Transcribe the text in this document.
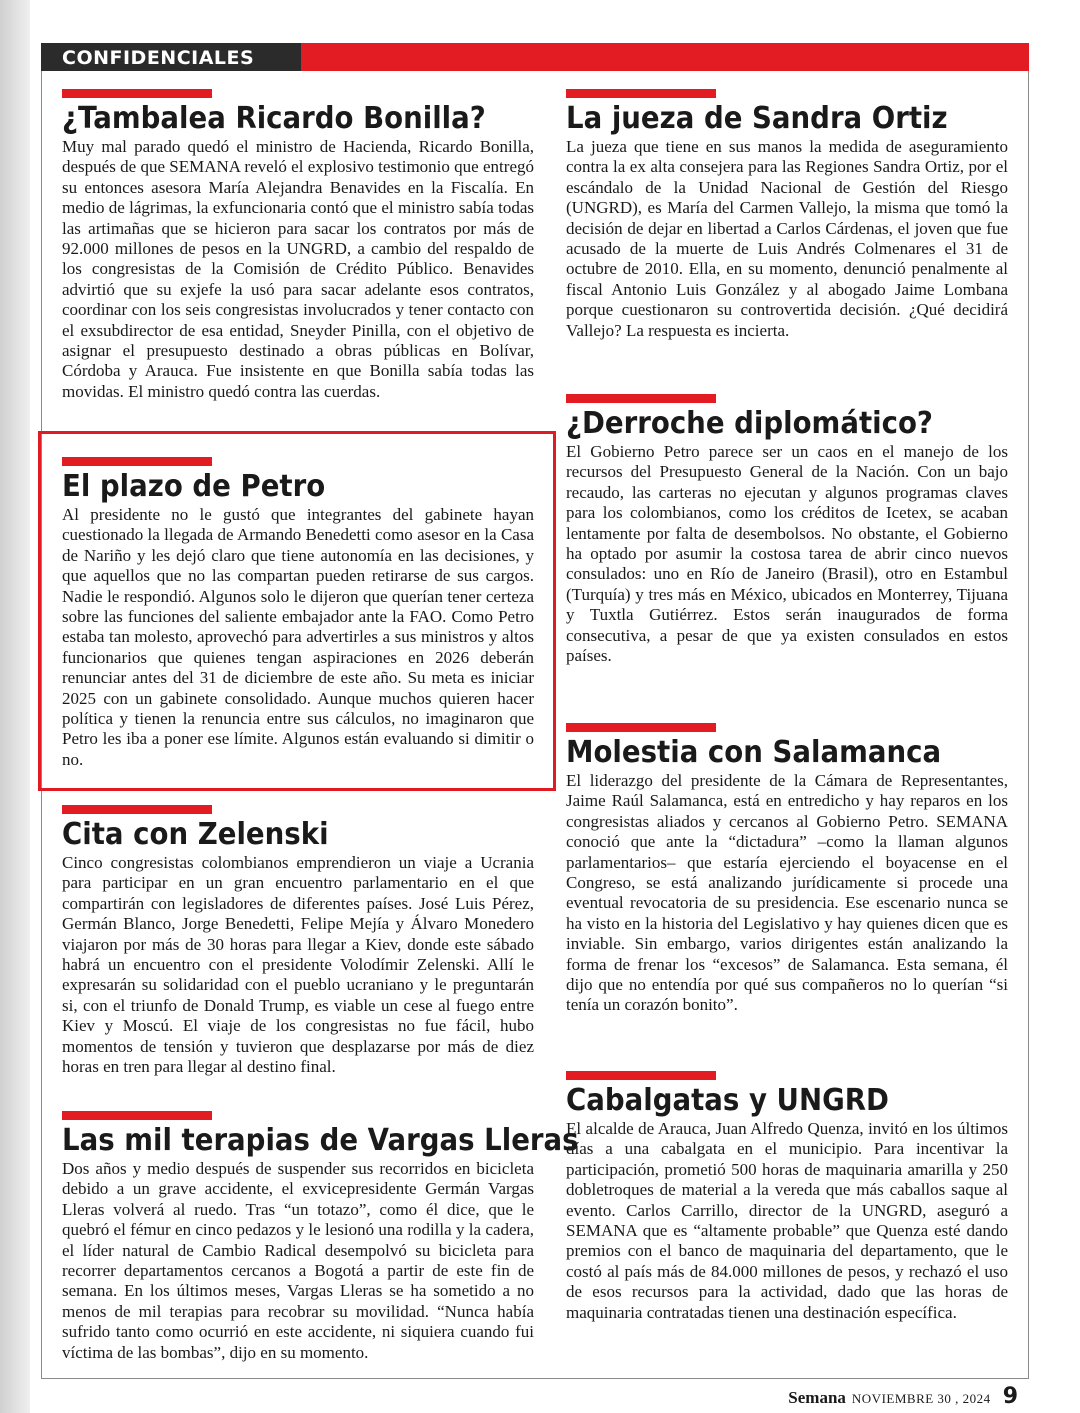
CONFIDENCIALES
¿Tambalea Ricardo Bonilla?

Muy mal parado quedó el ministro de Hacienda, Ricardo Bonilla, después de que SEMANA reveló el explosivo testimonio que entregó su entonces asesora María Alejandra Benavides en la Fiscalía. En medio de lágrimas, la exfuncionaria contó que el ministro sabía todas las artimañas que se hicieron para sacar los contratos por más de 92.000 millones de pesos en la UNGRD, a cambio del respaldo de los congresistas de la Comisión de Crédito Público. Benavides advirtió que su exjefe la usó para sacar adelante esos contratos, coordinar con los seis congresistas involucrados y tener contacto con el exsubdirector de esa entidad, Sneyder Pinilla, con el objetivo de asignar el presupuesto destinado a obras públicas en Bolívar, Córdoba y Arauca. Fue insistente en que Bonilla sabía todas las movidas. El ministro quedó contra las cuerdas.

El plazo de Petro

Al presidente no le gustó que integrantes del gabinete hayan cuestionado la llegada de Armando Benedetti como asesor en la Casa de Nariño y les dejó claro que tiene autonomía en las decisiones, y que aquellos que no las compartan pueden retirarse de sus cargos. Nadie le respondió. Algunos solo le dijeron que querían tener certeza sobre las funciones del saliente embajador ante la FAO. Como Petro estaba tan molesto, aprovechó para advertirles a sus ministros y altos funcionarios que quienes tengan aspiraciones en 2026 deberán renunciar antes del 31 de diciembre de este año. Su meta es iniciar 2025 con un gabinete consolidado. Aunque muchos quieren hacer política y tienen la renuncia entre sus cálculos, no imaginaron que Petro les iba a poner ese límite. Algunos están evaluando si dimitir o no.

Cita con Zelenski

Cinco congresistas colombianos emprendieron un viaje a Ucrania para participar en un gran encuentro parlamentario en el que compartirán con legisladores de diferentes países. José Luis Pérez, Germán Blanco, Jorge Benedetti, Felipe Mejía y Álvaro Monedero viajaron por más de 30 horas para llegar a Kiev, donde este sábado habrá un encuentro con el presidente Volodímir Zelenski. Allí le expresarán su solidaridad con el pueblo ucraniano y le preguntarán si, con el triunfo de Donald Trump, es viable un cese al fuego entre Kiev y Moscú. El viaje de los congresistas no fue fácil, hubo momentos de tensión y tuvieron que desplazarse por más de diez horas en tren para llegar al destino final.

Las mil terapias de Vargas Lleras

Dos años y medio después de suspender sus recorridos en bicicleta debido a un grave accidente, el exvicepresidente Germán Vargas Lleras volverá al ruedo. Tras “un totazo”, como él dice, que le quebró el fémur en cinco pedazos y le lesionó una rodilla y la cadera, el líder natural de Cambio Radical desempolvó su bicicleta para recorrer departamentos cercanos a Bogotá a partir de este fin de semana. En los últimos meses, Vargas Lleras se ha sometido a no menos de mil terapias para recobrar su movilidad. “Nunca había sufrido tanto como ocurrió en este accidente, ni siquiera cuando fui víctima de las bombas”, dijo en su momento.

La jueza de Sandra Ortiz

La jueza que tiene en sus manos la medida de aseguramiento contra la ex alta consejera para las Regiones Sandra Ortiz, por el escándalo de la Unidad Nacional de Gestión del Riesgo (UNGRD), es María del Carmen Vallejo, la misma que tomó la decisión de dejar en libertad a Carlos Cárdenas, el joven que fue acusado de la muerte de Luis Andrés Colmenares el 31 de octubre de 2010. Ella, en su momento, denunció penalmente al fiscal Antonio Luis González y al abogado Jaime Lombana porque cuestionaron su controvertida decisión. ¿Qué decidirá Vallejo? La respuesta es incierta.

¿Derroche diplomático?

El Gobierno Petro parece ser un caos en el manejo de los recursos del Presupuesto General de la Nación. Con un bajo recaudo, las carteras no ejecutan y algunos programas claves para los colombianos, como los créditos de Icetex, se acaban lentamente por falta de desembolsos. No obstante, el Gobierno ha optado por asumir la costosa tarea de abrir cinco nuevos consulados: uno en Río de Janeiro (Brasil), otro en Estambul (Turquía) y tres más en México, ubicados en Monterrey, Tijuana y Tuxtla Gutiérrez. Estos serán inaugurados de forma consecutiva, a pesar de que ya existen consulados en estos países.

Molestia con Salamanca

El liderazgo del presidente de la Cámara de Representantes, Jaime Raúl Salamanca, está en entredicho y hay reparos en los congresistas aliados y cercanos al Gobierno Petro. SEMANA conoció que ante la “dictadura” –como la llaman algunos parlamentarios– que estaría ejerciendo el boyacense en el Congreso, se está analizando jurídicamente si procede una eventual revocatoria de su presidencia. Ese escenario nunca se ha visto en la historia del Legislativo y hay quienes dicen que es inviable. Sin embargo, varios dirigentes están analizando la forma de frenar los “excesos” de Salamanca. Esta semana, él dijo que no entendía por qué sus compañeros no lo querían “si tenía un corazón bonito”.

Cabalgatas y UNGRD

El alcalde de Arauca, Juan Alfredo Quenza, invitó en los últimos días a una cabalgata en el municipio. Para incentivar la participación, prometió 500 horas de maquinaria amarilla y 250 dobletroques de material a la vereda que más caballos saque al evento. Carlos Carrillo, director de la UNGRD, aseguró a SEMANA que es “altamente probable” que Quenza esté dando premios con el banco de maquinaria del departamento, que le costó al país más de 84.000 millones de pesos, y rechazó el uso de esos recursos para la actividad, dado que las horas de maquinaria contratadas tienen una destinación específica.

Semana NOVIEMBRE 30 , 2024 9
